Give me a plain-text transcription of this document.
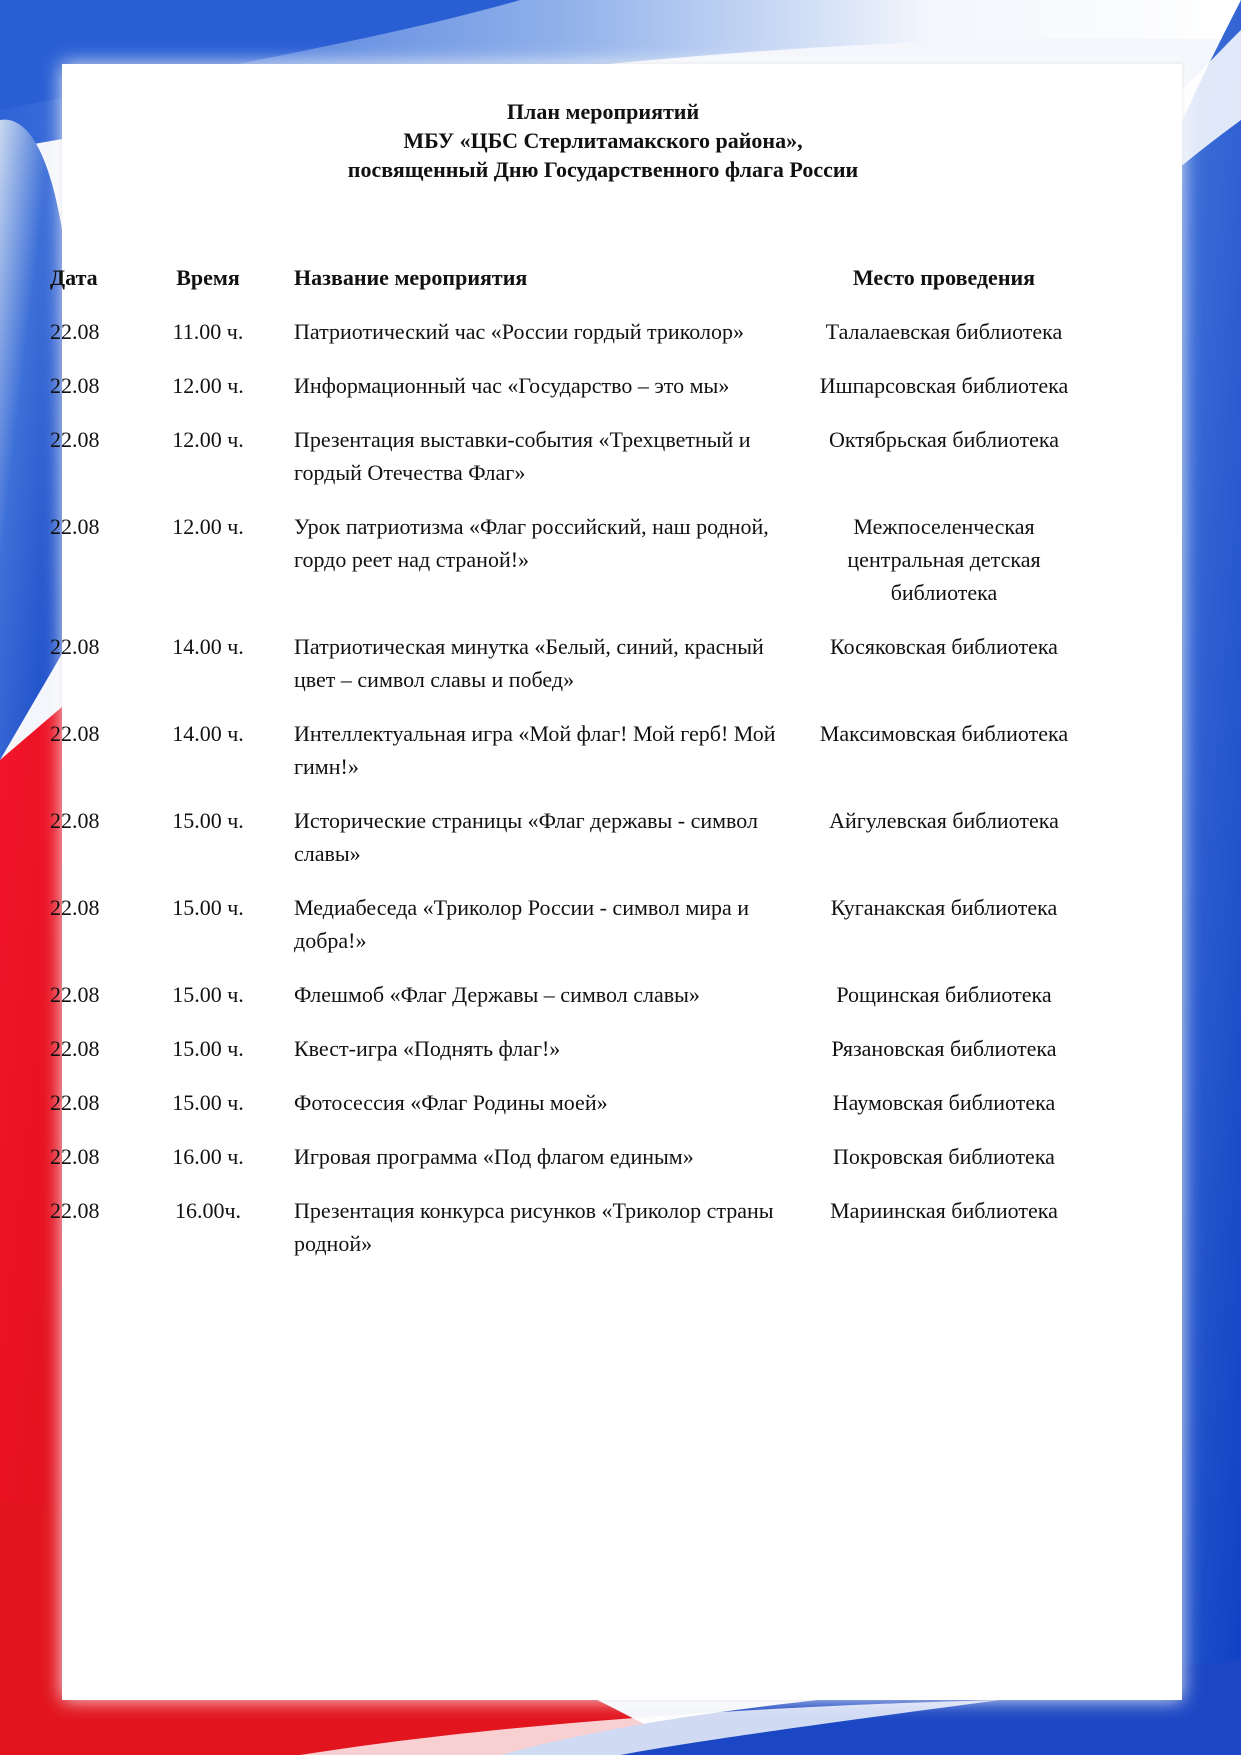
План мероприятий
МБУ «ЦБС Стерлитамакского района»,
посвященный Дню Государственного флага России
Дата	Время	Название мероприятия	Место проведения
22.08	11.00 ч.	Патриотический час «России гордый триколор»	Талалаевская библиотека
22.08	12.00 ч.	Информационный час «Государство – это мы»	Ишпарсовская библиотека
22.08	12.00 ч.	Презентация выставки-события «Трехцветный и гордый Отечества Флаг»	Октябрьская библиотека
22.08	12.00 ч.	Урок патриотизма «Флаг российский, наш родной, гордо реет над страной!»	Межпоселенческая центральная детская библиотека
22.08	14.00 ч.	Патриотическая минутка «Белый, синий, красный цвет – символ славы и побед»	Косяковская библиотека
22.08	14.00 ч.	Интеллектуальная игра «Мой флаг! Мой герб! Мой гимн!»	Максимовская библиотека
22.08	15.00 ч.	Исторические страницы «Флаг державы - символ славы»	Айгулевская библиотека
22.08	15.00 ч.	Медиабеседа «Триколор России - символ мира и добра!»	Куганакская библиотека
22.08	15.00 ч.	Флешмоб «Флаг Державы – символ славы»	Рощинская библиотека
22.08	15.00 ч.	Квест-игра «Поднять флаг!»	Рязановская библиотека
22.08	15.00 ч.	Фотосессия «Флаг Родины моей»	Наумовская библиотека
22.08	16.00 ч.	Игровая программа «Под флагом единым»	Покровская библиотека
22.08	16.00ч.	Презентация конкурса рисунков «Триколор страны родной»	Мариинская библиотека
